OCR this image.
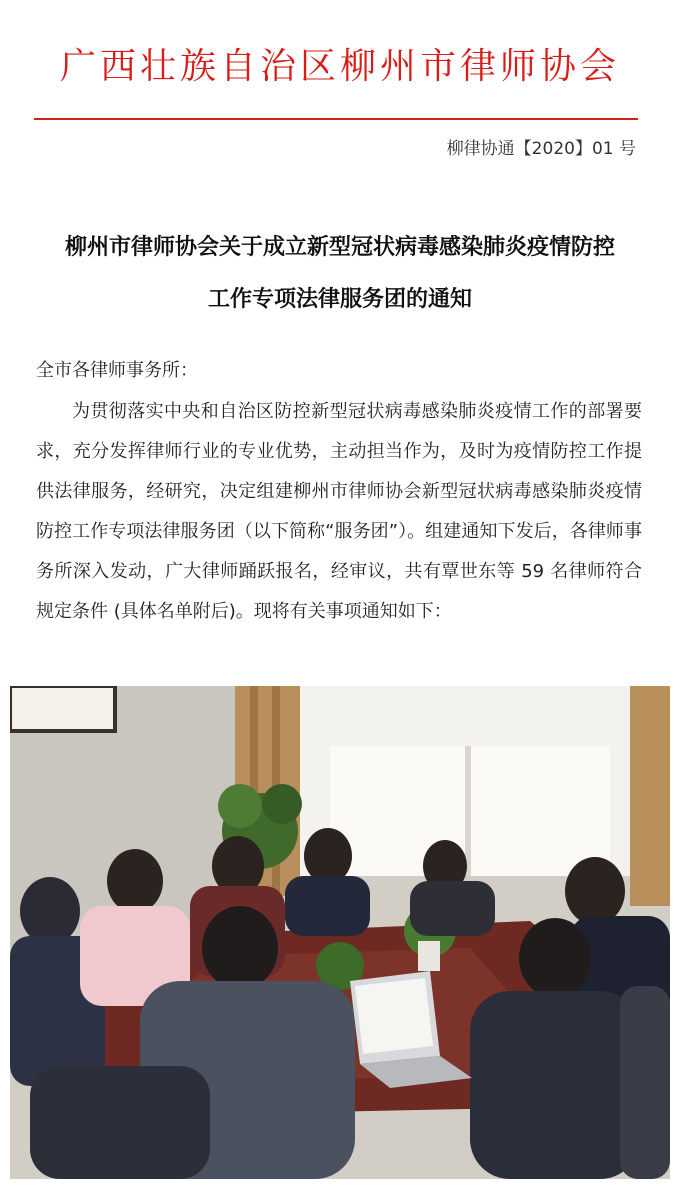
广西壮族自治区柳州市律师协会
柳律协通【2020】01 号
柳州市律师协会关于成立新型冠状病毒感染肺炎疫情防控
工作专项法律服务团的通知
全市各律师事务所：
为贯彻落实中央和自治区防控新型冠状病毒感染肺炎疫情工作的部署要求，充分发挥律师行业的专业优势，主动担当作为，及时为疫情防控工作提供法律服务，经研究，决定组建柳州市律师协会新型冠状病毒感染肺炎疫情防控工作专项法律服务团（以下简称“服务团”）。组建通知下发后，各律师事务所深入发动，广大律师踊跃报名，经审议，共有覃世东等 59 名律师符合规定条件 (具体名单附后)。现将有关事项通知如下：
